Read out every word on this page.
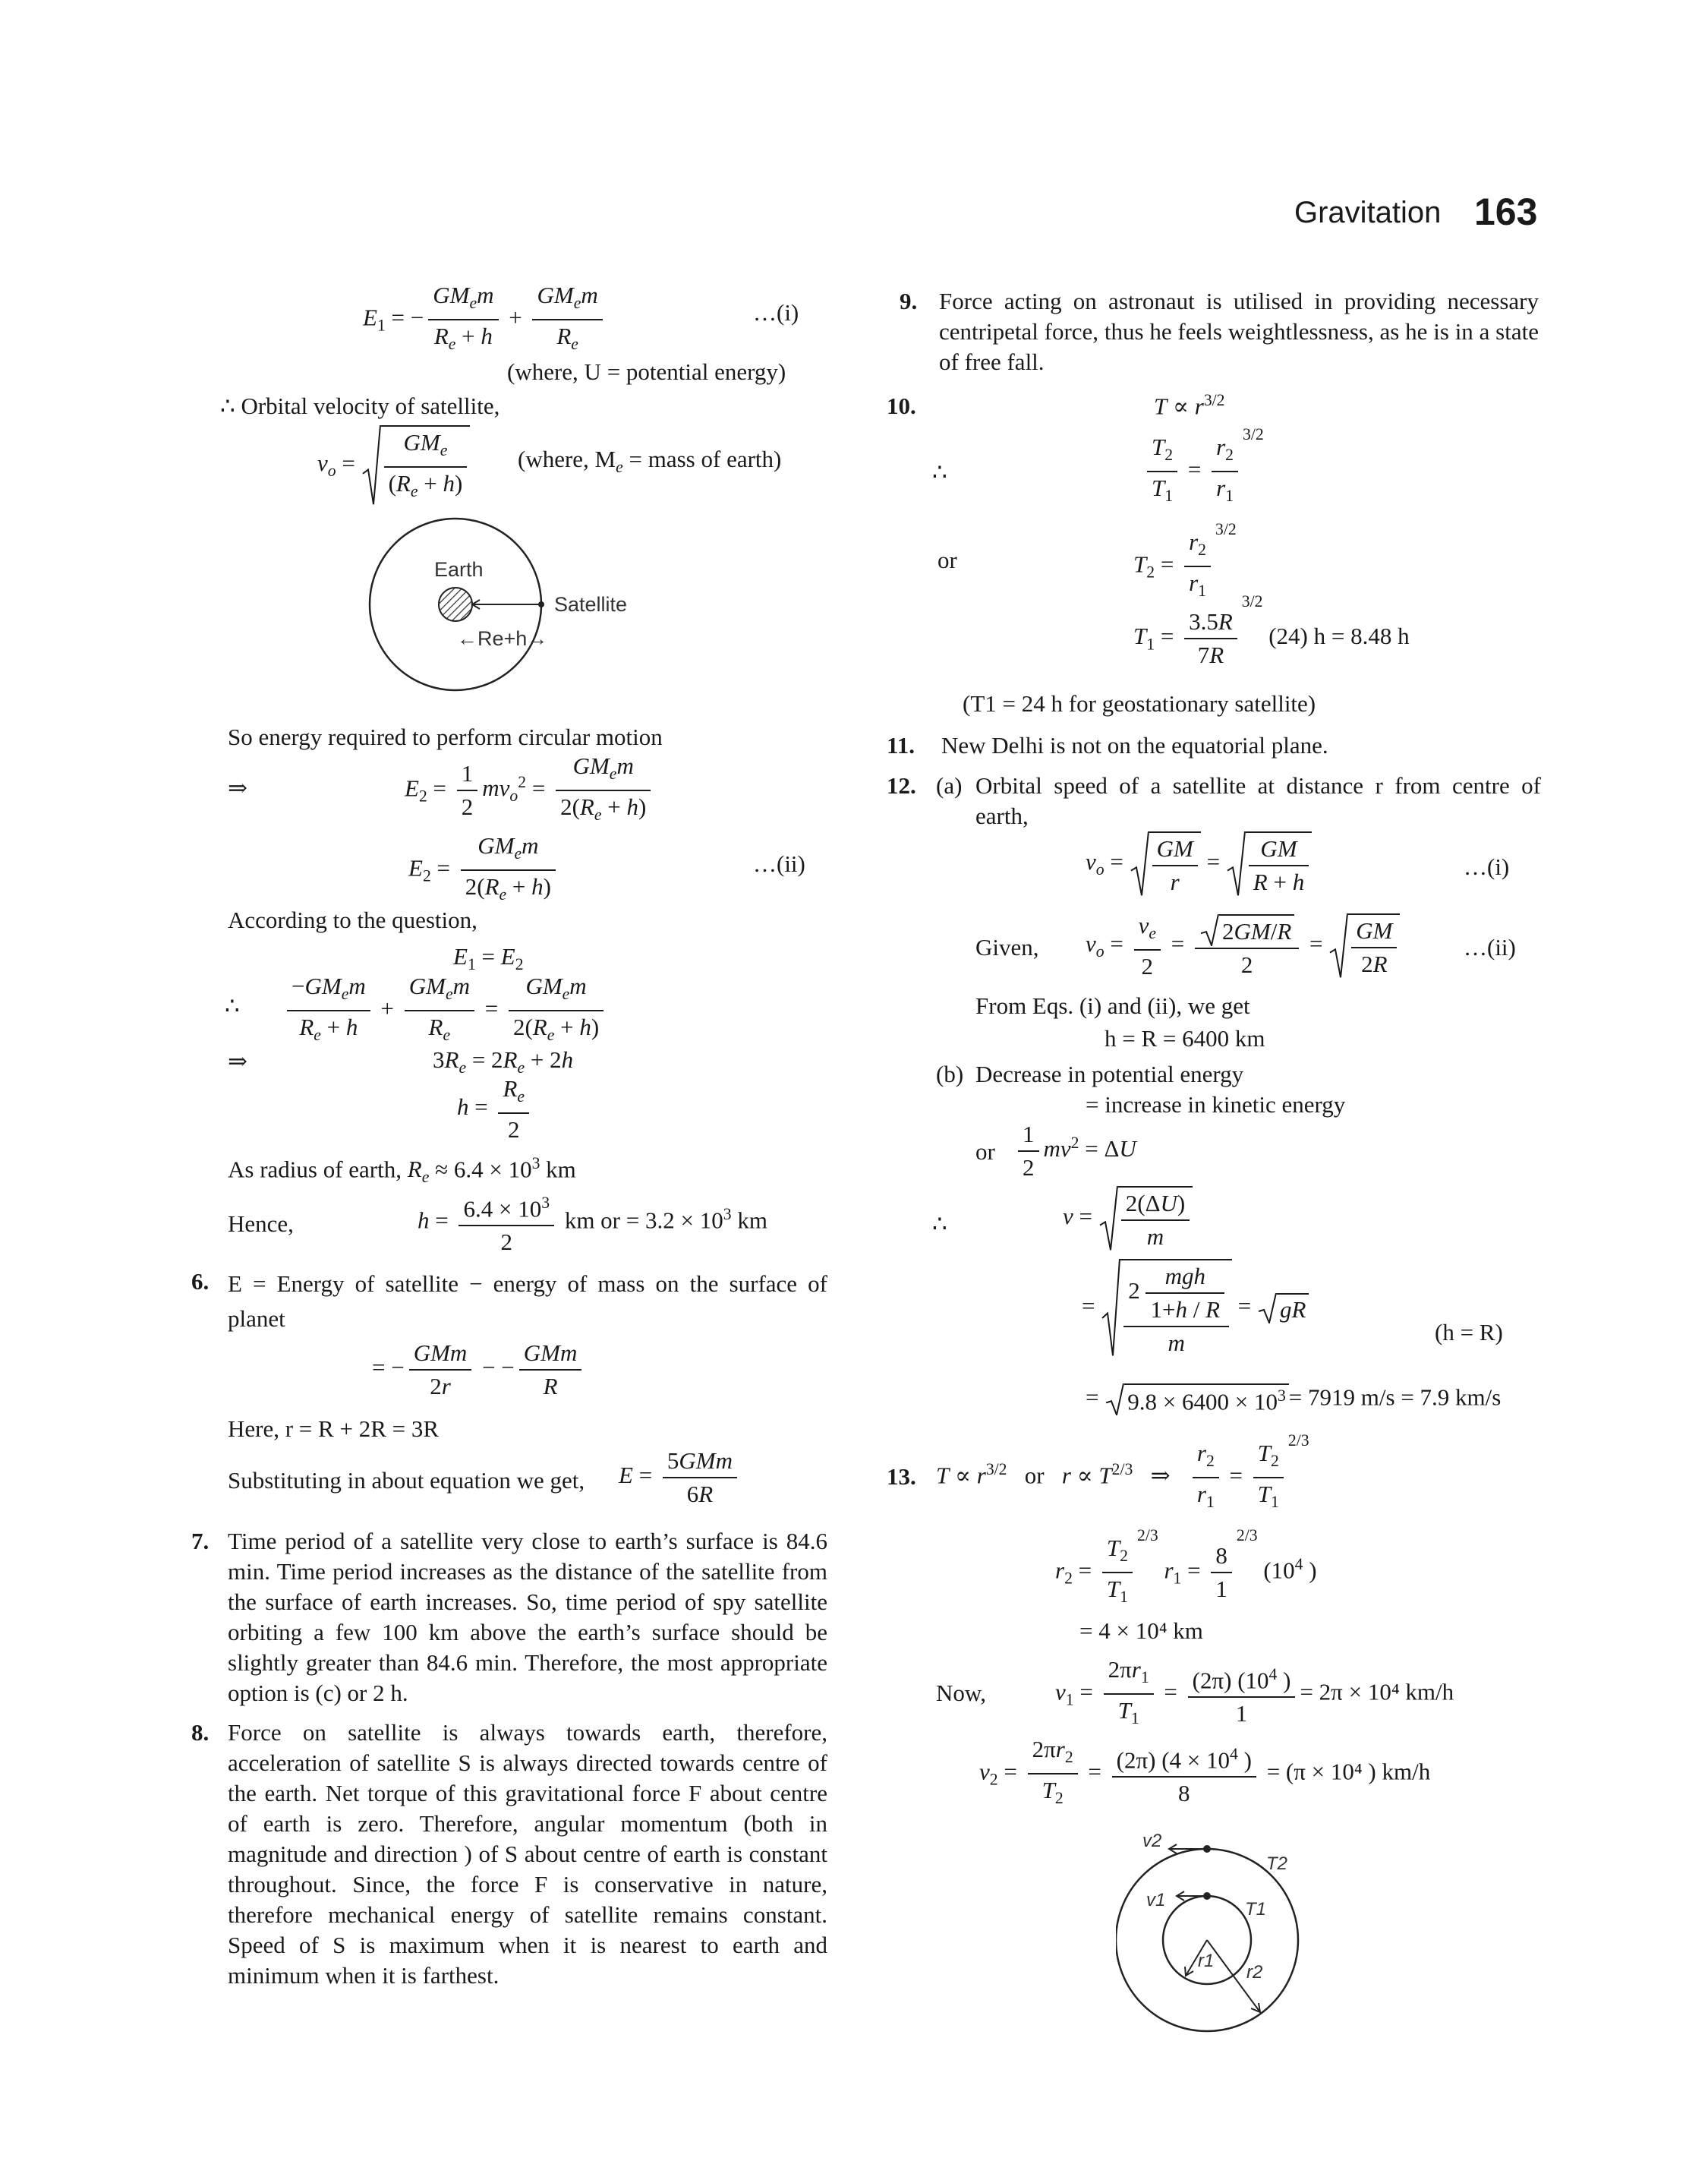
Gravitation 163
$E_1$ = − $\frac{GM_em}{R_e + h} + \frac{GM_em}{R_e}$	…(i)
(where, U = potential energy)
∴ Orbital velocity of satellite,
$v_o = \frac{GM_e}{(R_e + h)}$ (where, $M_e$ = mass of earth)
Earth
Satellite
←Re+h→
So energy required to perform circular motion
⇒	$E_2 = \frac{1}{2} mv_o^2 = \frac{GM_em}{2(R_e + h)}$
$E_2 = \frac{GM_em}{2(R_e + h)}$	…(ii)
According to the question,
$E_1 = E_2$
∴ $\frac{-GM_em}{R_e + h} + \frac{GM_em}{R_e} = \frac{GM_em}{2(R_e + h)}$
⇒	$3R_e = 2R_e + 2h$
$h = \frac{R_e}{2}$
As radius of earth, $R_e \approx 6.4 \times 10^3$ km
Hence,	$h = \frac{6.4 \times 10^3}{2}$ km or = $3.2 \times 10^3$ km
6. E = Energy of satellite − energy of mass on the surface of planet
= − $\frac{\text{GMm}}{2r}$ − − $\frac{\text{GMm}}{R}$
Here, r = R + 2R = 3R
Substituting in about equation we get, $E = \frac{\text{5GMm}}{6R}$
7. Time period of a satellite very close to earth’s surface is 84.6 min. Time period increases as the distance of the satellite from the surface of earth increases. So, time period of spy satellite orbiting a few 100 km above the earth’s surface should be slightly greater than 84.6 min. Therefore, the most appropriate option is (c) or 2 h.
8. Force on satellite is always towards earth, therefore, acceleration of satellite S is always directed towards centre of the earth. Net torque of this gravitational force F about centre of earth is zero. Therefore, angular momentum (both in magnitude and direction ) of S about centre of earth is constant throughout. Since, the force F is conservative in nature, therefore mechanical energy of satellite remains constant. Speed of S is maximum when it is nearest to earth and minimum when it is farthest.
9. Force acting on astronaut is utilised in providing necessary centripetal force, thus he feels weightlessness, as he is in a state of free fall.
10.	$T \propto r^{3/2}$
∴	$\frac{T_2}{T_1} = \frac{r_2}{r_1} ^{3/2}$
or	$T_2 = \frac{r_2}{r_1} ^{3/2}$
$T_1 = \frac{3.5R}{7R}$
$^{3/2}$ (24) h = 8.48 h
(T1 = 24 h for geostationary satellite)
11. New Delhi is not on the equatorial plane.
12. (a) Orbital speed of a satellite at distance r from centre of earth,
$v_o = \frac{GM}{r} = \frac{GM}{R + h}$	…(i)
Given, $v_o = \frac{v_e}{2} = \frac{2GM/R}{2} = \frac{GM}{2R}$	…(ii)
From Eqs. (i) and (ii), we get
h = R = 6400 km
(b) Decrease in potential energy
= increase in kinetic energy
or $\frac{1}{2} mv^2 = \Delta U$
∴	$v = \frac{2(\Delta U)}{m}$
= $\frac{2 \frac{\text{mgh}}{1+h / R}}{m}$ =
gR
(h = R)
=
$9.8 \times 6400 \times 10^3 = 7919$ m/s = 7.9 km/s
13. $T \propto r^{3/2}$   or   $r \propto T^{2/3}$   ⇒ $\frac{r_2}{r_1} = \frac{T_2}{T_1} ^{2/3}$
$r_2 = \frac{T_2}{T_1} ^{2/3}$ $r_1 = \frac{8}{1}$
$^{2/3}$ ($10^4$ )
= 4 × 10⁴ km
Now,	$v_1 = \frac{2\pi r_1}{T_1} = \frac{(2\pi) (10^4 )}{1} = 2\pi \times 10^4$ km/h
$v_2 = \frac{2\pi r_2}{T_2} = \frac{(2\pi) (4 \times 10^4 )}{8} = (\pi \times 10^4$ ) km/h
v2
v1
T2
T1
r1
r2
